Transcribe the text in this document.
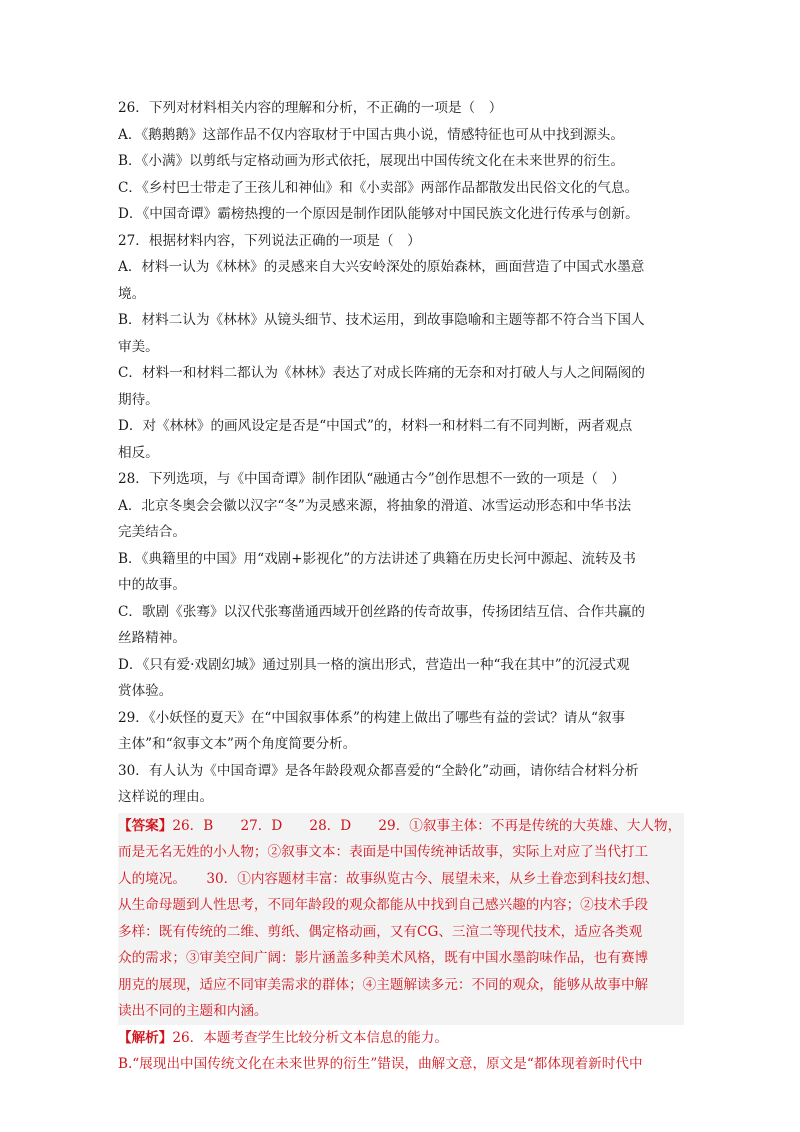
26．下列对材料相关内容的理解和分析，不正确的一项是（　）
A．《鹅鹅鹅》这部作品不仅内容取材于中国古典小说，情感特征也可从中找到源头。
B．《小满》以剪纸与定格动画为形式依托，展现出中国传统文化在未来世界的衍生。
C．《乡村巴士带走了王孩儿和神仙》和《小卖部》两部作品都散发出民俗文化的气息。
D．《中国奇谭》霸榜热搜的一个原因是制作团队能够对中国民族文化进行传承与创新。
27．根据材料内容，下列说法正确的一项是（　）
A．材料一认为《林林》的灵感来自大兴安岭深处的原始森林，画面营造了中国式水墨意
境。
B．材料二认为《林林》从镜头细节、技术运用，到故事隐喻和主题等都不符合当下国人
审美。
C．材料一和材料二都认为《林林》表达了对成长阵痛的无奈和对打破人与人之间隔阂的
期待。
D．对《林林》的画风设定是否是“中国式”的，材料一和材料二有不同判断，两者观点
相反。
28．下列选项，与《中国奇谭》制作团队“融通古今”创作思想不一致的一项是（　）
A．北京冬奥会会徽以汉字“冬”为灵感来源，将抽象的滑道、冰雪运动形态和中华书法
完美结合。
B．《典籍里的中国》用“戏剧+影视化”的方法讲述了典籍在历史长河中源起、流转及书
中的故事。
C．歌剧《张骞》以汉代张骞凿通西域开创丝路的传奇故事，传扬团结互信、合作共赢的
丝路精神。
D．《只有爱·戏剧幻城》通过别具一格的演出形式，营造出一种“我在其中”的沉浸式观
赏体验。
29．《小妖怪的夏天》在“中国叙事体系”的构建上做出了哪些有益的尝试？请从“叙事
主体”和“叙事文本”两个角度简要分析。
30．有人认为《中国奇谭》是各年龄段观众都喜爱的“全龄化”动画，请你结合材料分析
这样说的理由。
【答案】26．B　　27．D　　28．D　　29．①叙事主体：不再是传统的大英雄、大人物，
而是无名无姓的小人物；②叙事文本：表面是中国传统神话故事，实际上对应了当代打工
人的境况。　　30．①内容题材丰富：故事纵览古今、展望未来，从乡土眷恋到科技幻想、
从生命母题到人性思考，不同年龄段的观众都能从中找到自己感兴趣的内容；②技术手段
多样：既有传统的二维、剪纸、偶定格动画，又有CG、三渲二等现代技术，适应各类观
众的需求；③审美空间广阔：影片涵盖多种美术风格，既有中国水墨韵味作品，也有赛博
朋克的展现，适应不同审美需求的群体；④主题解读多元：不同的观众，能够从故事中解
读出不同的主题和内涵。
【解析】26．本题考查学生比较分析文本信息的能力。
B.“展现出中国传统文化在未来世界的衍生”错误，曲解文意，原文是“都体现着新时代中
